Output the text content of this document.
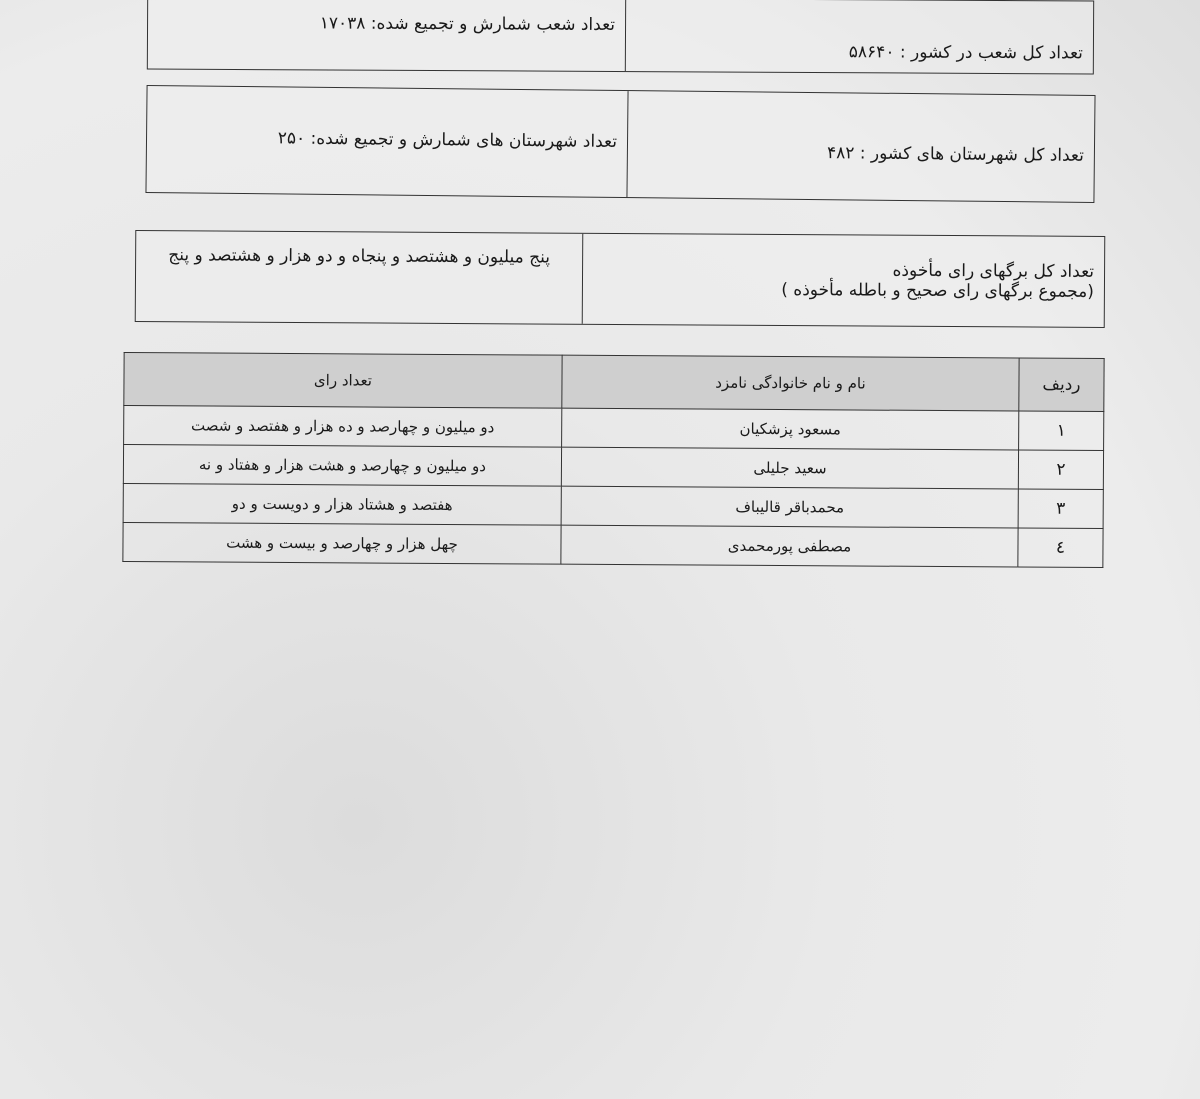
تعداد کل شعب در کشور : ۵۸۶۴۰
تعداد شعب شمارش و تجمیع شده: ۱۷۰۳۸
تعداد کل شهرستان های کشور : ۴۸۲
تعداد شهرستان های شمارش و تجمیع شده: ۲۵۰
تعداد کل برگهای رای مأخوذه
(مجموع برگهای رای صحیح و باطله مأخوذه )
پنج میلیون و هشتصد و پنجاه و دو هزار و هشتصد و پنج
ردیف	نام و نام خانوادگی نامزد	تعداد رای
۱	مسعود پزشکیان	دو میلیون و چهارصد و ده هزار و هفتصد و شصت
۲	سعید جلیلی	دو میلیون و چهارصد و هشت هزار و هفتاد و نه
۳	محمدباقر قالیباف	هفتصد و هشتاد هزار و دویست و دو
٤	مصطفی پورمحمدی	چهل هزار و چهارصد و بیست و هشت
